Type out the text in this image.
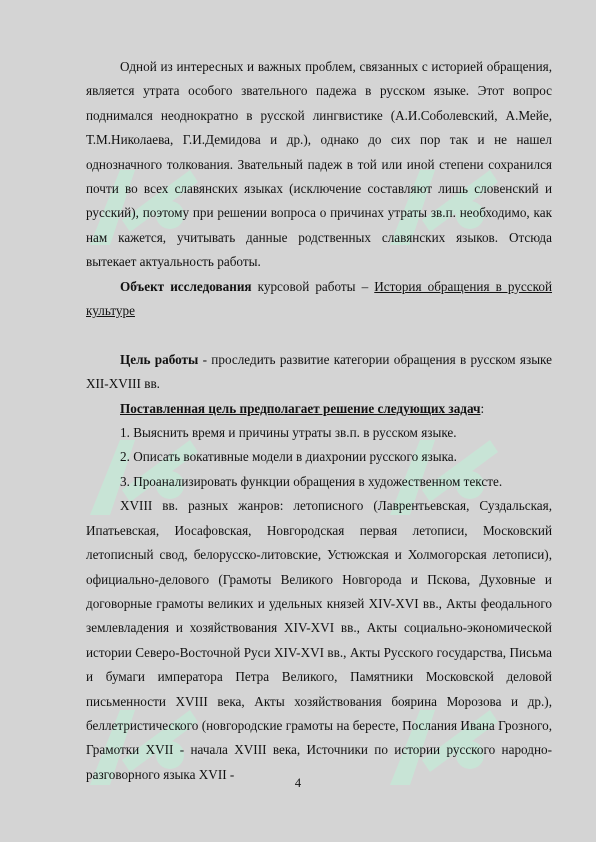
Одной из интересных и важных проблем, связанных с историей обращения, является утрата особого звательного падежа в русском языке. Этот вопрос поднимался неоднократно в русской лингвистике (А.И.Соболевский, А.Мейе, Т.М.Николаева, Г.И.Демидова и др.), однако до сих пор так и не нашел однозначного толкования. Звательный падеж в той или иной степени сохранился почти во всех славянских языках (исключение составляют лишь словенский и русский), поэтому при решении вопроса о причинах утраты зв.п. необходимо, как нам кажется, учитывать данные родственных славянских языков. Отсюда вытекает актуальность работы.

Объект исследования курсовой работы – История обращения в русской культуре

Цель работы - проследить развитие категории обращения в русском языке XII-XVIII вв.

Поставленная цель предполагает решение следующих задач:

1. Выяснить время и причины утраты зв.п. в русском языке.

2. Описать вокативные модели в диахронии русского языка.

3. Проанализировать функции обращения в художественном тексте.

XVIII вв. разных жанров: летописного (Лаврентьевская, Суздальская, Ипатьевская, Иосафовская, Новгородская первая летописи, Московский летописный свод, белорусско-литовские, Устюжская и Холмогорская летописи), официально-делового (Грамоты Великого Новгорода и Пскова, Духовные и договорные грамоты великих и удельных князей XIV-XVI вв., Акты феодального землевладения и хозяйствования XIV-XVI вв., Акты социально-экономической истории Северо-Восточной Руси XIV-XVI вв., Акты Русского государства, Письма и бумаги императора Петра Великого, Памятники Московской деловой письменности XVIII века, Акты хозяйствования боярина Морозова и др.), беллетристического (новгородские грамоты на бересте, Послания Ивана Грозного, Грамотки XVII - начала XVIII века, Источники по истории русского народно-разговорного языка XVII -

4
